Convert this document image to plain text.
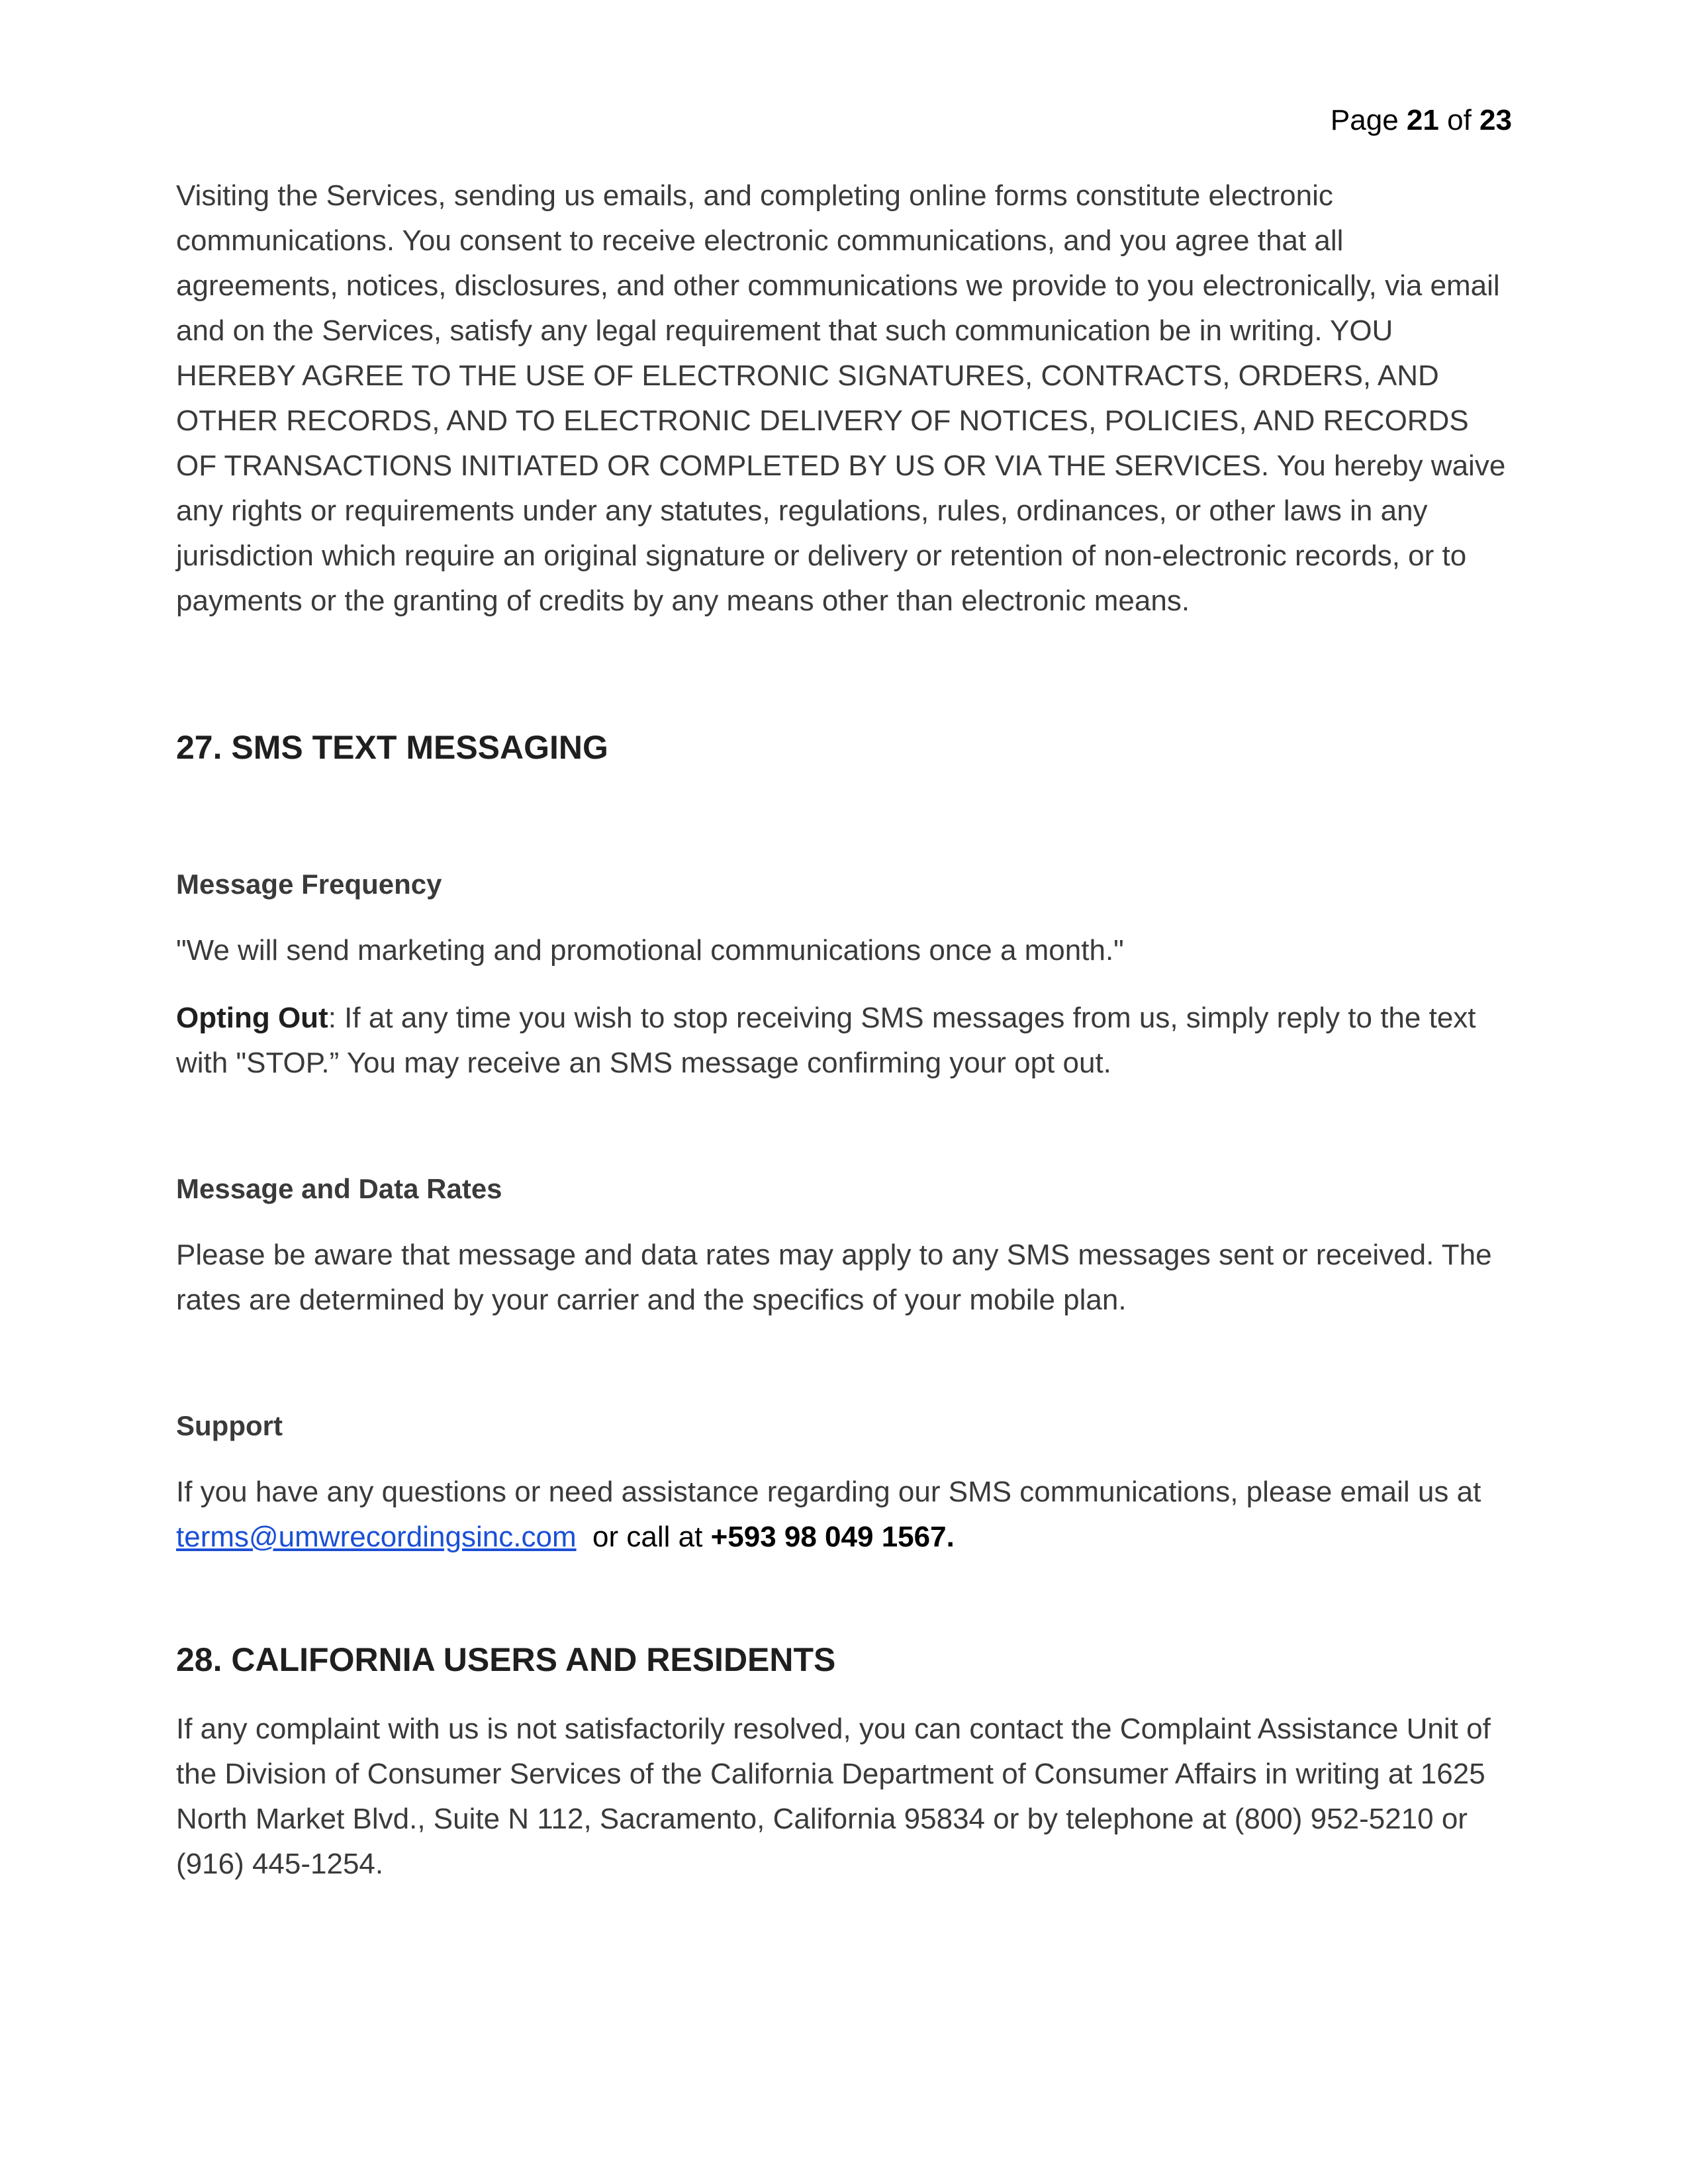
Page 21 of 23

Visiting the Services, sending us emails, and completing online forms constitute electronic communications. You consent to receive electronic communications, and you agree that all agreements, notices, disclosures, and other communications we provide to you electronically, via email and on the Services, satisfy any legal requirement that such communication be in writing. YOU HEREBY AGREE TO THE USE OF ELECTRONIC SIGNATURES, CONTRACTS, ORDERS, AND OTHER RECORDS, AND TO ELECTRONIC DELIVERY OF NOTICES, POLICIES, AND RECORDS OF TRANSACTIONS INITIATED OR COMPLETED BY US OR VIA THE SERVICES. You hereby waive any rights or requirements under any statutes, regulations, rules, ordinances, or other laws in any jurisdiction which require an original signature or delivery or retention of non-electronic records, or to payments or the granting of credits by any means other than electronic means.

27. SMS TEXT MESSAGING
Message Frequency

"We will send marketing and promotional communications once a month."

Opting Out: If at any time you wish to stop receiving SMS messages from us, simply reply to the text with "STOP.” You may receive an SMS message confirming your opt out.

Message and Data Rates

Please be aware that message and data rates may apply to any SMS messages sent or received. The rates are determined by your carrier and the specifics of your mobile plan.

Support

If you have any questions or need assistance regarding our SMS communications, please email us at terms@umwrecordingsinc.com  or call at +593 98 049 1567.

28. CALIFORNIA USERS AND RESIDENTS

If any complaint with us is not satisfactorily resolved, you can contact the Complaint Assistance Unit of the Division of Consumer Services of the California Department of Consumer Affairs in writing at 1625 North Market Blvd., Suite N 112, Sacramento, California 95834 or by telephone at (800) 952-5210 or (916) 445-1254.
